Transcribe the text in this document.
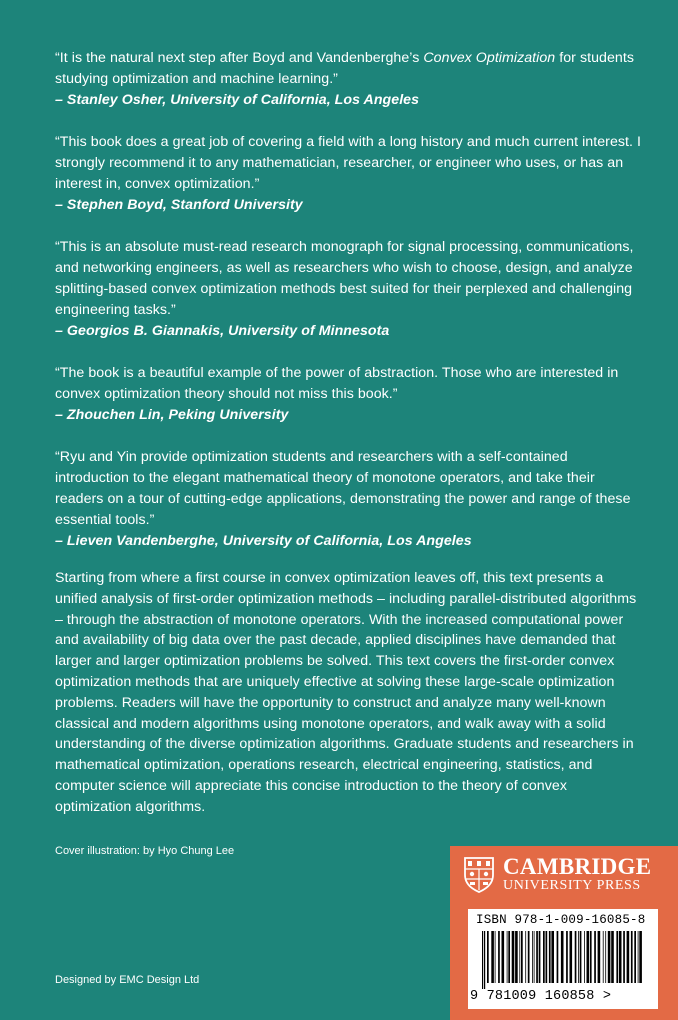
“It is the natural next step after Boyd and Vandenberghe’s Convex Optimization for students studying optimization and machine learning.”
– Stanley Osher, University of California, Los Angeles

“This book does a great job of covering a field with a long history and much current interest. I strongly recommend it to any mathematician, researcher, or engineer who uses, or has an interest in, convex optimization.”
– Stephen Boyd, Stanford University

“This is an absolute must-read research monograph for signal processing, communications, and networking engineers, as well as researchers who wish to choose, design, and analyze splitting-based convex optimization methods best suited for their perplexed and challenging engineering tasks.”
– Georgios B. Giannakis, University of Minnesota

“The book is a beautiful example of the power of abstraction. Those who are interested in convex optimization theory should not miss this book.”
– Zhouchen Lin, Peking University

“Ryu and Yin provide optimization students and researchers with a self-contained introduction to the elegant mathematical theory of monotone operators, and take their readers on a tour of cutting-edge applications, demonstrating the power and range of these essential tools.”
– Lieven Vandenberghe, University of California, Los Angeles

Starting from where a first course in convex optimization leaves off, this text presents a unified analysis of first-order optimization methods – including parallel-distributed algorithms – through the abstraction of monotone operators. With the increased computational power and availability of big data over the past decade, applied disciplines have demanded that larger and larger optimization problems be solved. This text covers the first-order convex optimization methods that are uniquely effective at solving these large-scale optimization problems. Readers will have the opportunity to construct and analyze many well-known classical and modern algorithms using monotone operators, and walk away with a solid understanding of the diverse optimization algorithms. Graduate students and researchers in mathematical optimization, operations research, electrical engineering, statistics, and computer science will appreciate this concise introduction to the theory of convex optimization algorithms.
Cover illustration: by Hyo Chung Lee
Designed by EMC Design Ltd
CAMBRIDGE
UNIVERSITY PRESS
ISBN 978-1-009-16085-8
9 781009 160858 >
